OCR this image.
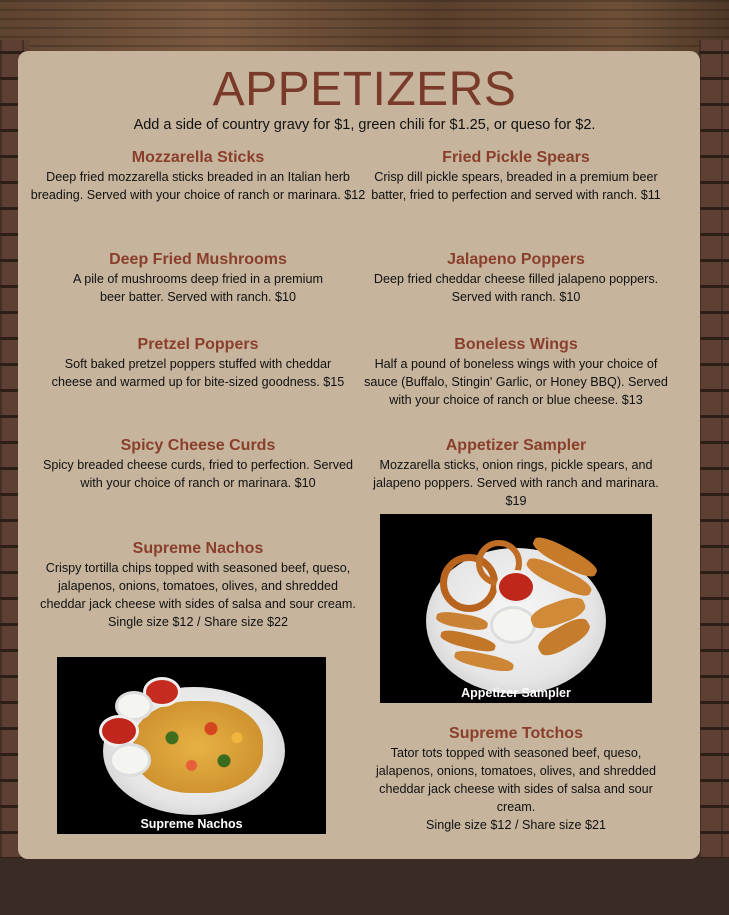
APPETIZERS
Add a side of country gravy for $1, green chili for $1.25, or queso for $2.
Mozzarella Sticks
Deep fried mozzarella sticks breaded in an Italian herb breading. Served with your choice of ranch or marinara. $12
Deep Fried Mushrooms
A pile of mushrooms deep fried in a premium beer batter. Served with ranch. $10
Pretzel Poppers
Soft baked pretzel poppers stuffed with cheddar cheese and warmed up for bite-sized goodness. $15
Spicy Cheese Curds
Spicy breaded cheese curds, fried to perfection. Served with your choice of ranch or marinara. $10
Supreme Nachos
Crispy tortilla chips topped with seasoned beef, queso, jalapenos, onions, tomatoes, olives, and shredded cheddar jack cheese with sides of salsa and sour cream.
Single size $12 / Share size $22
Fried Pickle Spears
Crisp dill pickle spears, breaded in a premium beer batter, fried to perfection and served with ranch. $11
Jalapeno Poppers
Deep fried cheddar cheese filled jalapeno poppers. Served with ranch. $10
Boneless Wings
Half a pound of boneless wings with your choice of sauce (Buffalo, Stingin' Garlic, or Honey BBQ). Served with your choice of ranch or blue cheese. $13
Appetizer Sampler
Mozzarella sticks, onion rings, pickle spears, and jalapeno poppers. Served with ranch and marinara. $19
Supreme Totchos
Tator tots topped with seasoned beef, queso, jalapenos, onions, tomatoes, olives, and shredded cheddar jack cheese with sides of salsa and sour cream.
Single size $12 / Share size $21
Appetizer Sampler
Supreme Nachos
